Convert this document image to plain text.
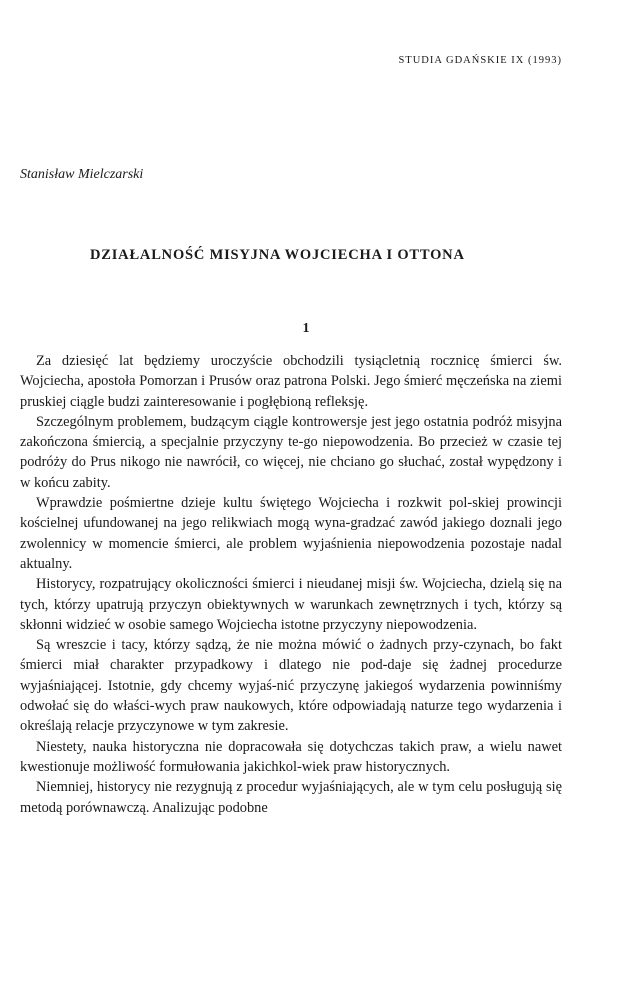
STUDIA GDAŃSKIE IX (1993)
Stanisław Mielczarski
DZIAŁALNOŚĆ MISYJNA WOJCIECHA I OTTONA
1

Za dziesięć lat będziemy uroczyście obchodzili tysiącletnią rocznicę śmierci św. Wojciecha, apostoła Pomorzan i Prusów oraz patrona Polski. Jego śmierć męczeńska na ziemi pruskiej ciągle budzi zainteresowanie i pogłębioną refleksję.

Szczególnym problemem, budzącym ciągle kontrowersje jest jego ostatnia podróż misyjna zakończona śmiercią, a specjalnie przyczyny te-go niepowodzenia. Bo przecież w czasie tej podróży do Prus nikogo nie nawrócił, co więcej, nie chciano go słuchać, został wypędzony i w końcu zabity.

Wprawdzie pośmiertne dzieje kultu świętego Wojciecha i rozkwit pol-skiej prowincji kościelnej ufundowanej na jego relikwiach mogą wyna-gradzać zawód jakiego doznali jego zwolennicy w momencie śmierci, ale problem wyjaśnienia niepowodzenia pozostaje nadal aktualny.

Historycy, rozpatrujący okoliczności śmierci i nieudanej misji św. Wojciecha, dzielą się na tych, którzy upatrują przyczyn obiektywnych w warunkach zewnętrznych i tych, którzy są skłonni widzieć w osobie samego Wojciecha istotne przyczyny niepowodzenia.

Są wreszcie i tacy, którzy sądzą, że nie można mówić o żadnych przy-czynach, bo fakt śmierci miał charakter przypadkowy i dlatego nie pod-daje się żadnej procedurze wyjaśniającej. Istotnie, gdy chcemy wyjaś-nić przyczynę jakiegoś wydarzenia powinniśmy odwołać się do właści-wych praw naukowych, które odpowiadają naturze tego wydarzenia i określają relacje przyczynowe w tym zakresie.

Niestety, nauka historyczna nie dopracowała się dotychczas takich praw, a wielu nawet kwestionuje możliwość formułowania jakichkol-wiek praw historycznych.

Niemniej, historycy nie rezygnują z procedur wyjaśniających, ale w tym celu posługują się metodą porównawczą. Analizując podobne
